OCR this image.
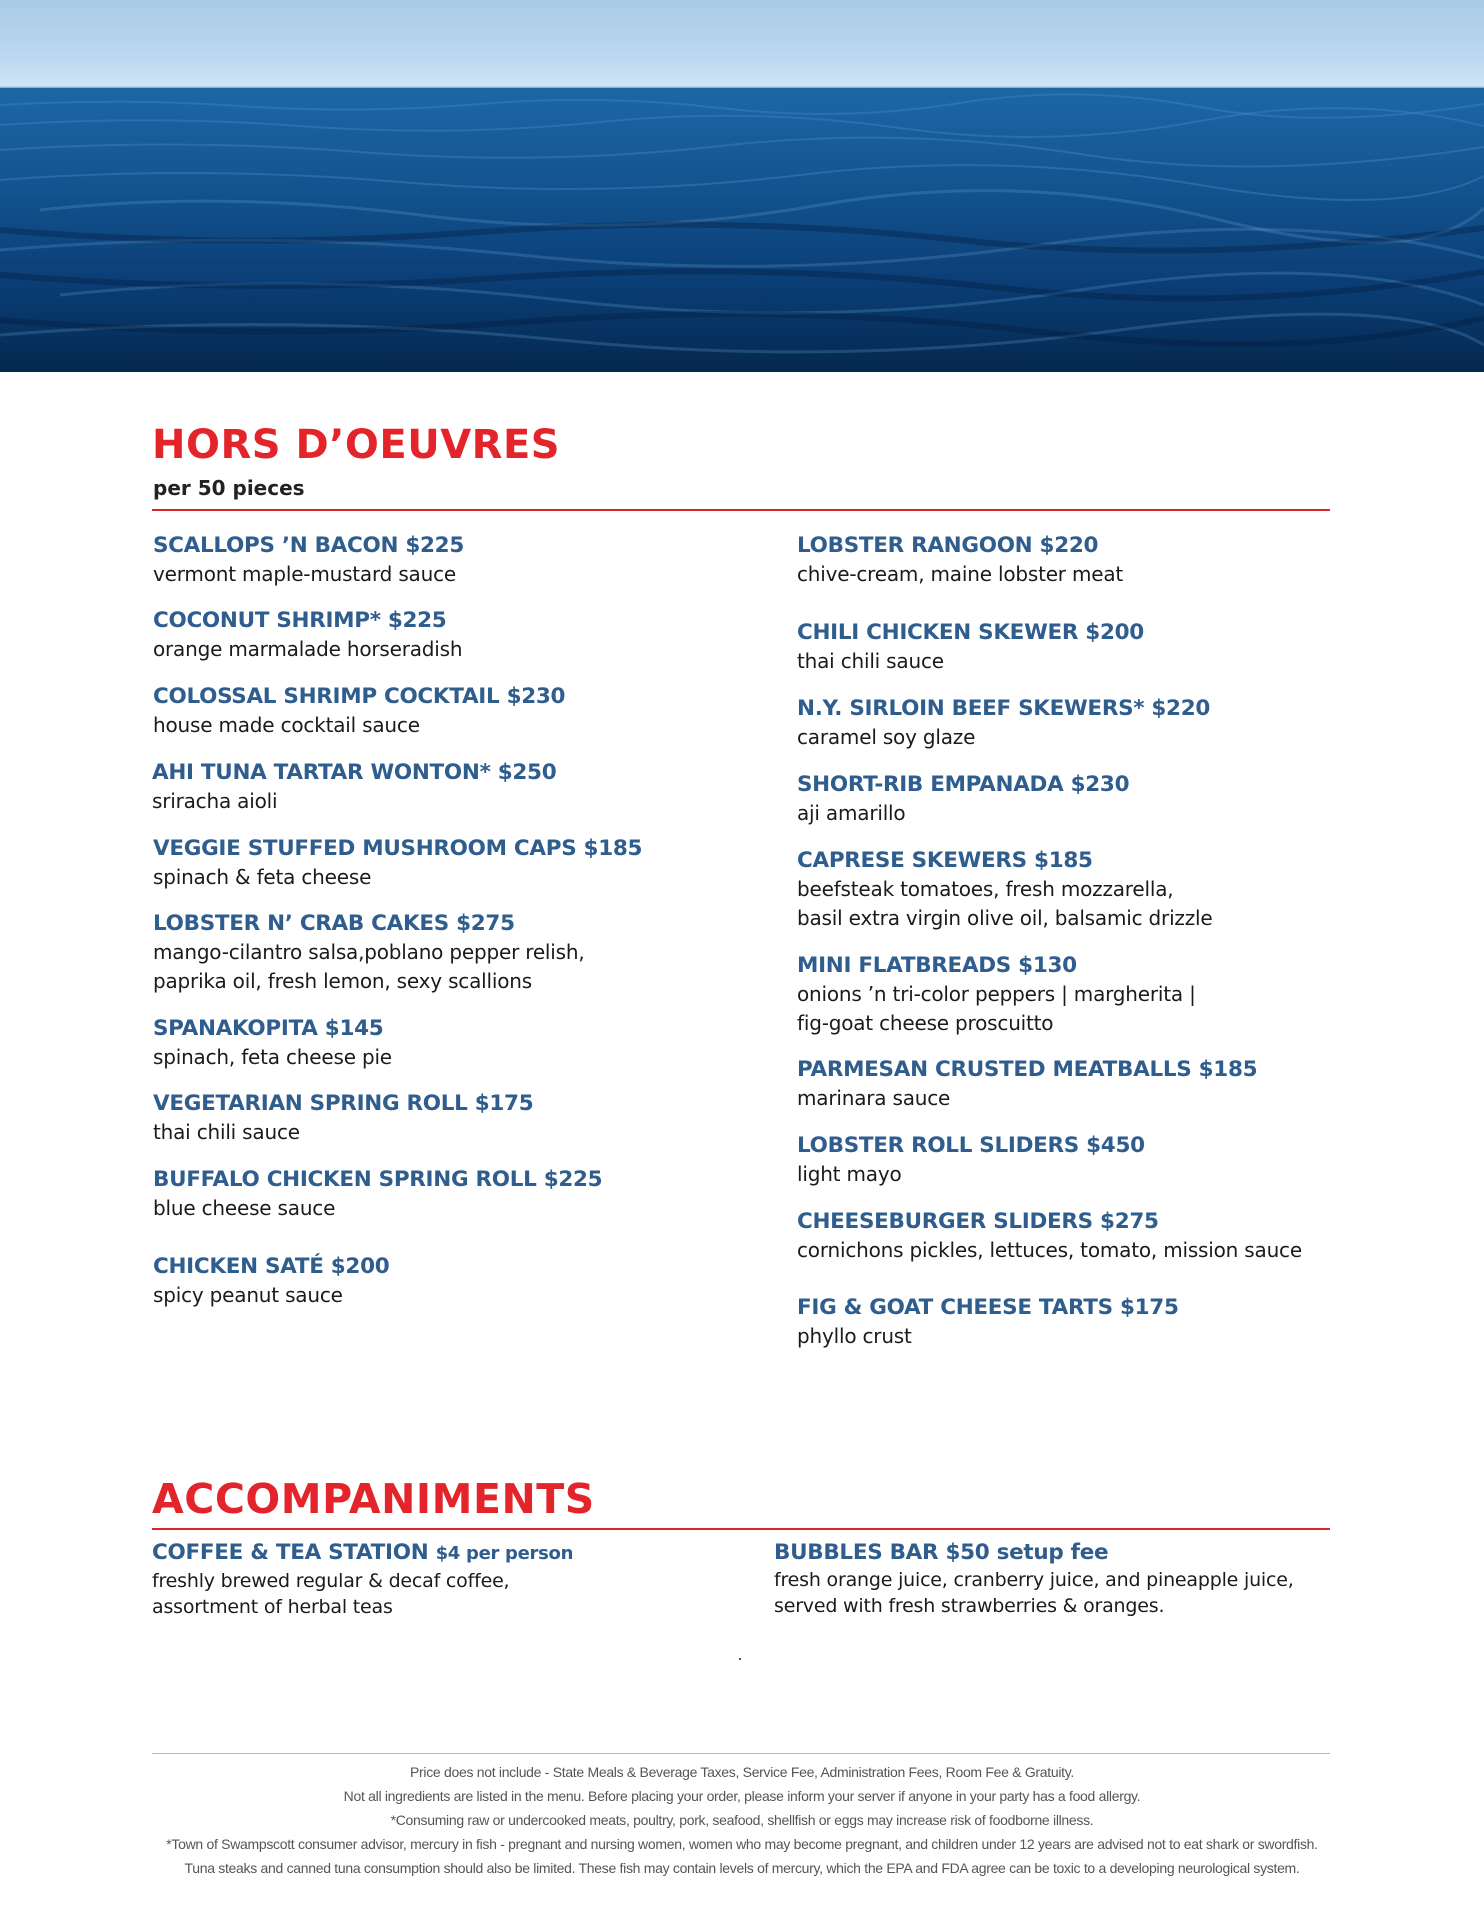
HORS D’OEUVRES
per 50 pieces
SCALLOPS ’N BACON $225
vermont maple-mustard sauce
COCONUT SHRIMP* $225
orange marmalade horseradish
COLOSSAL SHRIMP COCKTAIL $230
house made cocktail sauce
AHI TUNA TARTAR WONTON* $250
sriracha aioli
VEGGIE STUFFED MUSHROOM CAPS $185
spinach & feta cheese
LOBSTER N’ CRAB CAKES $275
mango-cilantro salsa,poblano pepper relish,
paprika oil, fresh lemon, sexy scallions
SPANAKOPITA $145
spinach, feta cheese pie
VEGETARIAN SPRING ROLL $175
thai chili sauce
BUFFALO CHICKEN SPRING ROLL $225
blue cheese sauce
CHICKEN SATÉ $200
spicy peanut sauce
LOBSTER RANGOON $220
chive-cream, maine lobster meat
CHILI CHICKEN SKEWER $200
thai chili sauce
N.Y. SIRLOIN BEEF SKEWERS* $220
caramel soy glaze
SHORT-RIB EMPANADA $230
aji amarillo
CAPRESE SKEWERS $185
beefsteak tomatoes, fresh mozzarella,
basil extra virgin olive oil, balsamic drizzle
MINI FLATBREADS $130
onions ’n tri-color peppers | margherita |
fig-goat cheese proscuitto
PARMESAN CRUSTED MEATBALLS $185
marinara sauce
LOBSTER ROLL SLIDERS $450
light mayo
CHEESEBURGER SLIDERS $275
cornichons pickles, lettuces, tomato, mission sauce
FIG & GOAT CHEESE TARTS $175
phyllo crust
ACCOMPANIMENTS
COFFEE & TEA STATION $4 per person
freshly brewed regular & decaf coffee,
assortment of herbal teas
BUBBLES BAR $50 setup fee
fresh orange juice, cranberry juice, and pineapple juice,
served with fresh strawberries & oranges.
Price does not include - State Meals & Beverage Taxes, Service Fee, Administration Fees, Room Fee & Gratuity.
Not all ingredients are listed in the menu. Before placing your order, please inform your server if anyone in your party has a food allergy.
*Consuming raw or undercooked meats, poultry, pork, seafood, shellfish or eggs may increase risk of foodborne illness.
*Town of Swampscott consumer advisor, mercury in fish - pregnant and nursing women, women who may become pregnant, and children under 12 years are advised not to eat shark or swordfish.
Tuna steaks and canned tuna consumption should also be limited. These fish may contain levels of mercury, which the EPA and FDA agree can be toxic to a developing neurological system.
